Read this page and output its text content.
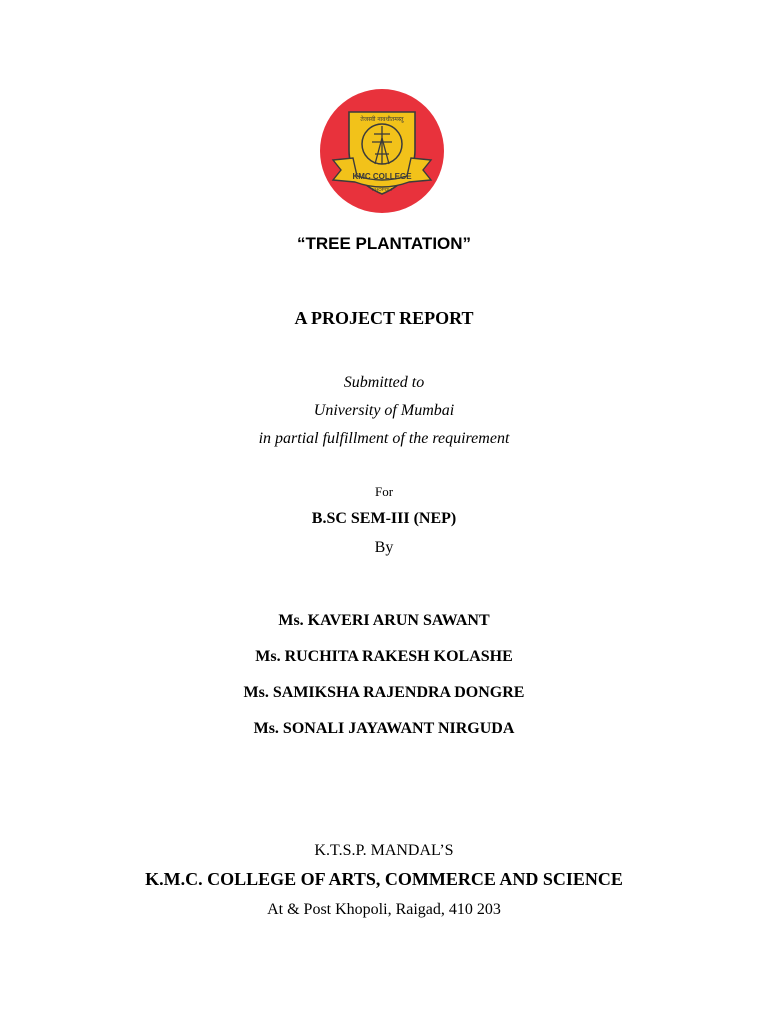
तेजस्वी नावधीतमस्तु
KMC COLLEGE
KHOPOLI
“TREE PLANTATION”
A PROJECT REPORT
Submitted to
University of Mumbai
in partial fulfillment of the requirement
For
B.SC SEM-III (NEP)
By
Ms. KAVERI ARUN SAWANT
Ms. RUCHITA RAKESH KOLASHE
Ms. SAMIKSHA RAJENDRA DONGRE
Ms. SONALI JAYAWANT NIRGUDA
K.T.S.P. MANDAL’S
K.M.C. COLLEGE OF ARTS, COMMERCE AND SCIENCE
At & Post Khopoli, Raigad, 410 203
